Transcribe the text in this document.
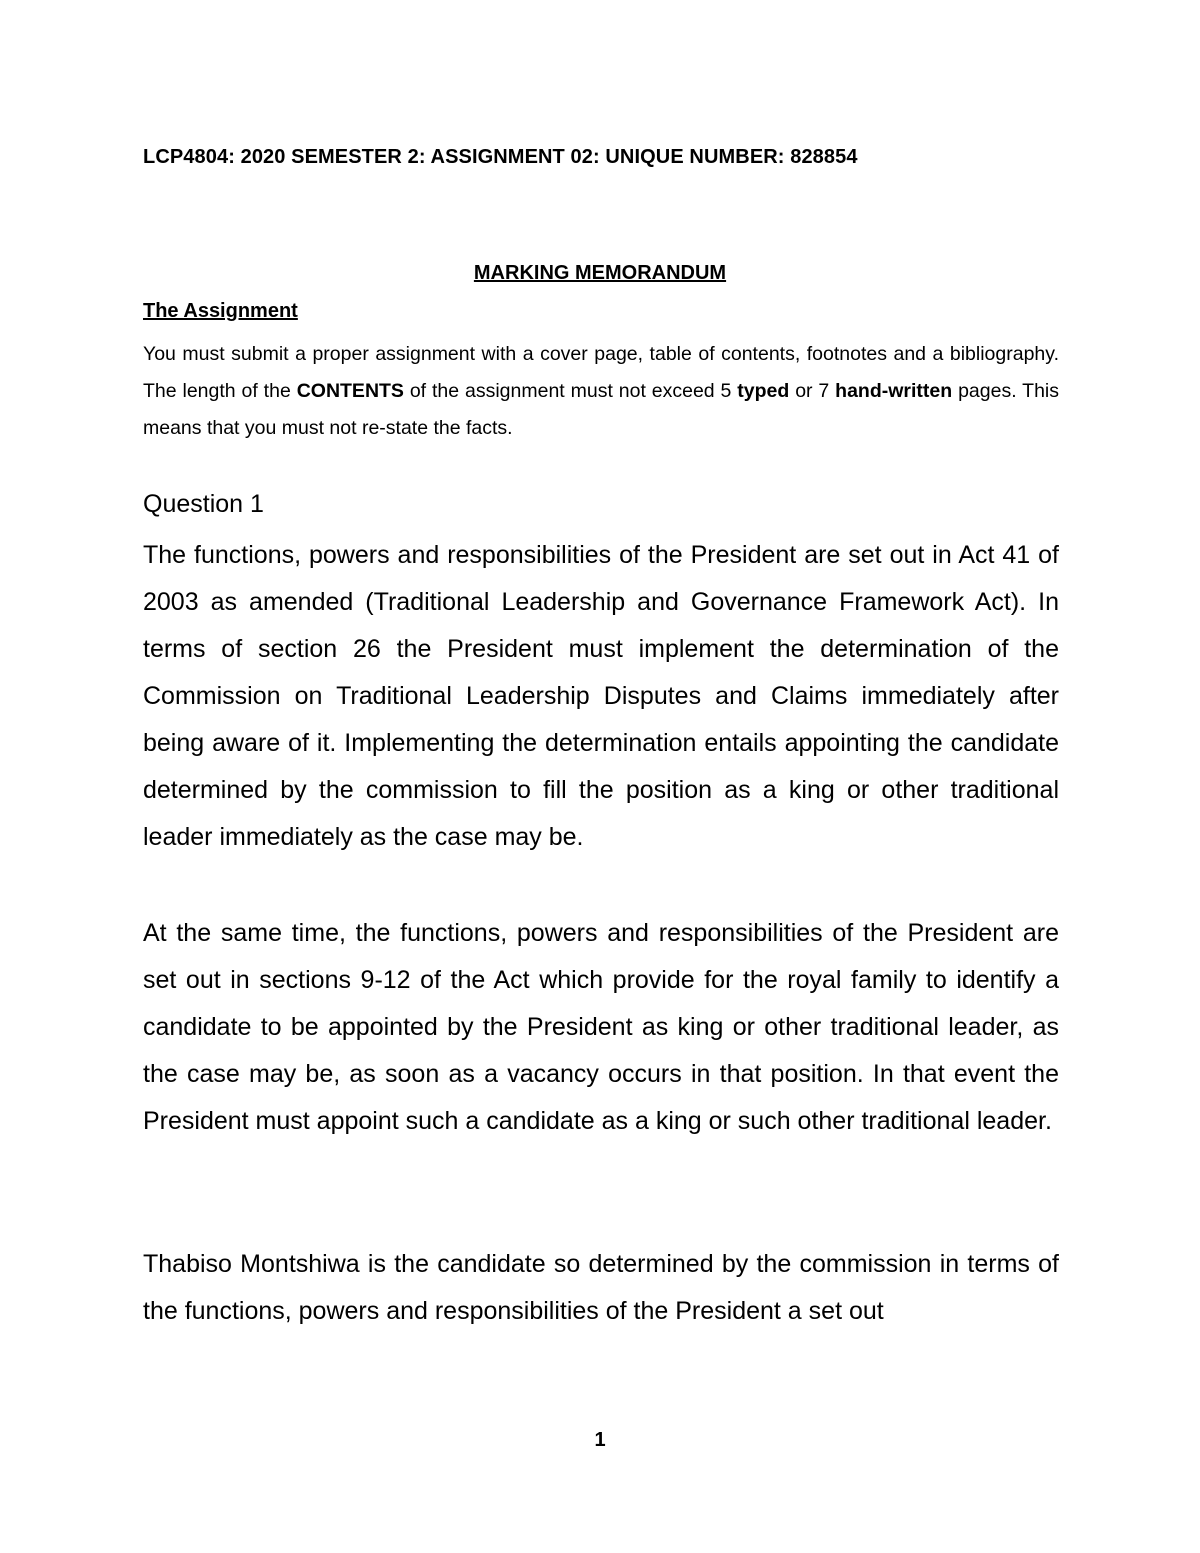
LCP4804: 2020 SEMESTER 2: ASSIGNMENT 02: UNIQUE NUMBER: 828854
MARKING MEMORANDUM
The Assignment
You must submit a proper assignment with a cover page, table of contents, footnotes and a bibliography. The length of the CONTENTS of the assignment must not exceed 5 typed or 7 hand-written pages. This means that you must not re-state the facts.
Question 1
The functions, powers and responsibilities of the President are set out in Act 41 of 2003 as amended (Traditional Leadership and Governance Framework Act). In terms of section 26 the President must implement the determination of the Commission on Traditional Leadership Disputes and Claims immediately after being aware of it. Implementing the determination entails appointing the candidate determined by the commission to fill the position as a king or other traditional leader immediately as the case may be.
At the same time, the functions, powers and responsibilities of the President are set out in sections 9-12 of the Act which provide for the royal family to identify a candidate to be appointed by the President as king or other traditional leader, as the case may be, as soon as a vacancy occurs in that position. In that event the President must appoint such a candidate as a king or such other traditional leader.
Thabiso Montshiwa is the candidate so determined by the commission in terms of the functions, powers and responsibilities of the President a set out
1
